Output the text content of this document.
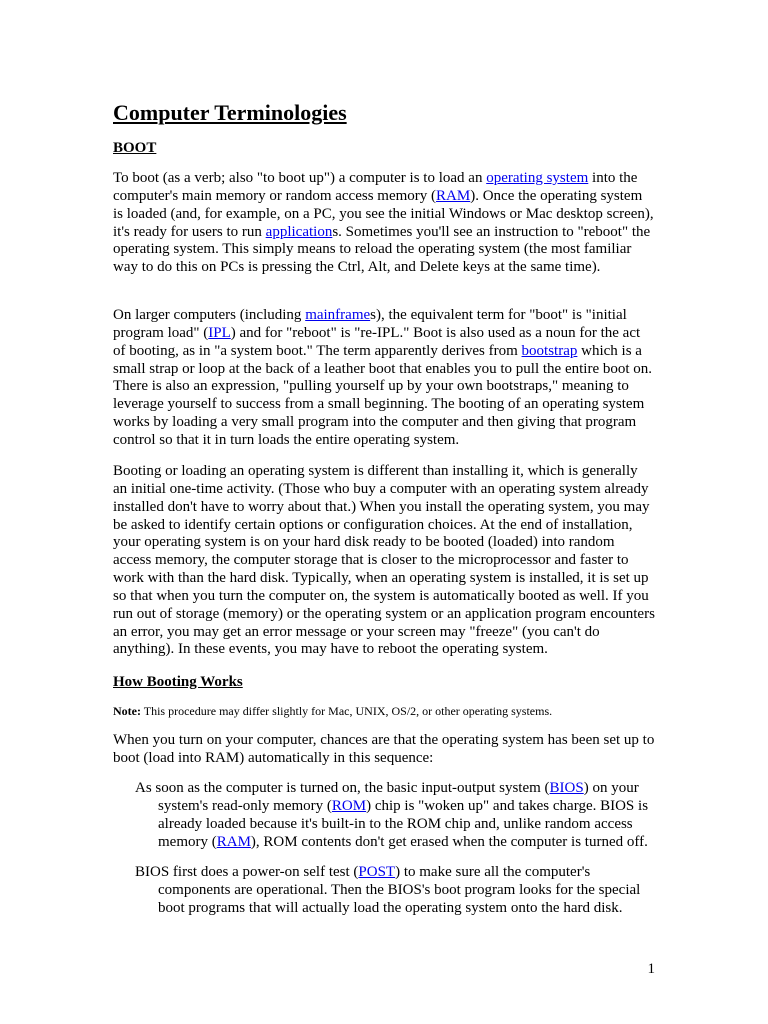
Computer Terminologies
BOOT

To boot (as a verb; also "to boot up") a computer is to load an operating system into the computer's main memory or random access memory (RAM). Once the operating system is loaded (and, for example, on a PC, you see the initial Windows or Mac desktop screen), it's ready for users to run applications. Sometimes you'll see an instruction to "reboot" the operating system. This simply means to reload the operating system (the most familiar way to do this on PCs is pressing the Ctrl, Alt, and Delete keys at the same time).

On larger computers (including mainframes), the equivalent term for "boot" is "initial program load" (IPL) and for "reboot" is "re-IPL." Boot is also used as a noun for the act of booting, as in "a system boot." The term apparently derives from bootstrap which is a small strap or loop at the back of a leather boot that enables you to pull the entire boot on. There is also an expression, "pulling yourself up by your own bootstraps," meaning to leverage yourself to success from a small beginning. The booting of an operating system works by loading a very small program into the computer and then giving that program control so that it in turn loads the entire operating system.

Booting or loading an operating system is different than installing it, which is generally an initial one-time activity. (Those who buy a computer with an operating system already installed don't have to worry about that.) When you install the operating system, you may be asked to identify certain options or configuration choices. At the end of installation, your operating system is on your hard disk ready to be booted (loaded) into random access memory, the computer storage that is closer to the microprocessor and faster to work with than the hard disk. Typically, when an operating system is installed, it is set up so that when you turn the computer on, the system is automatically booted as well. If you run out of storage (memory) or the operating system or an application program encounters an error, you may get an error message or your screen may "freeze" (you can't do anything). In these events, you may have to reboot the operating system.

How Booting Works

Note: This procedure may differ slightly for Mac, UNIX, OS/2, or other operating systems.

When you turn on your computer, chances are that the operating system has been set up to boot (load into RAM) automatically in this sequence:

As soon as the computer is turned on, the basic input-output system (BIOS) on your system's read-only memory (ROM) chip is "woken up" and takes charge. BIOS is already loaded because it's built-in to the ROM chip and, unlike random access memory (RAM), ROM contents don't get erased when the computer is turned off.

BIOS first does a power-on self test (POST) to make sure all the computer's components are operational. Then the BIOS's boot program looks for the special boot programs that will actually load the operating system onto the hard disk.

1
